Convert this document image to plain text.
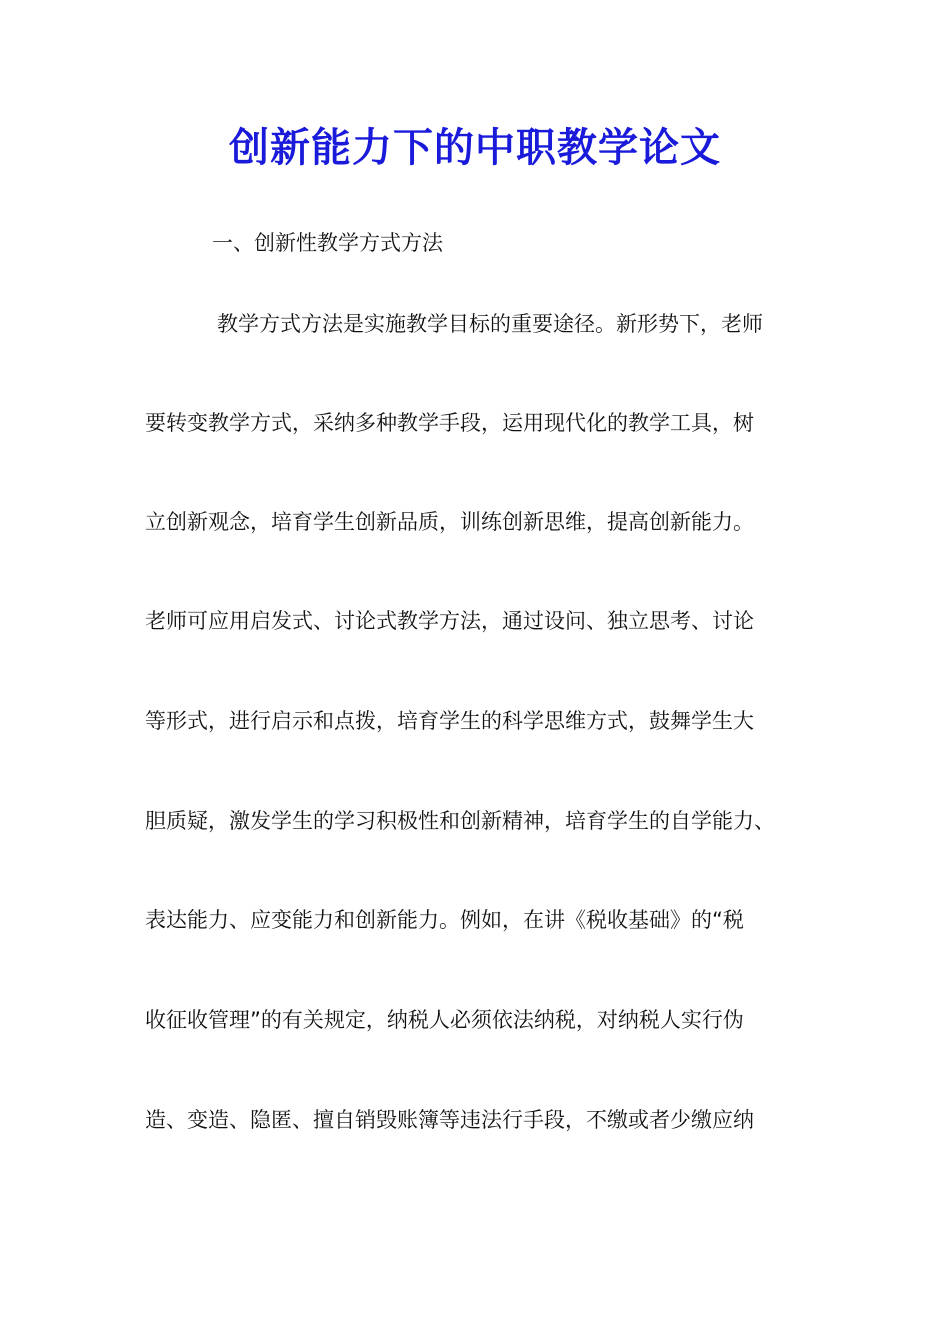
创新能力下的中职教学论文

一、创新性教学方式方法

教学方式方法是实施教学目标的重要途径。新形势下，老师

要转变教学方式，采纳多种教学手段，运用现代化的教学工具，树

立创新观念，培育学生创新品质，训练创新思维，提高创新能力。

老师可应用启发式、讨论式教学方法，通过设问、独立思考、讨论

等形式，进行启示和点拨，培育学生的科学思维方式，鼓舞学生大

胆质疑，激发学生的学习积极性和创新精神，培育学生的自学能力、

表达能力、应变能力和创新能力。例如，在讲《税收基础》的“税

收征收管理”的有关规定，纳税人必须依法纳税，对纳税人实行伪

造、变造、隐匿、擅自销毁账簿等违法行手段，不缴或者少缴应纳
